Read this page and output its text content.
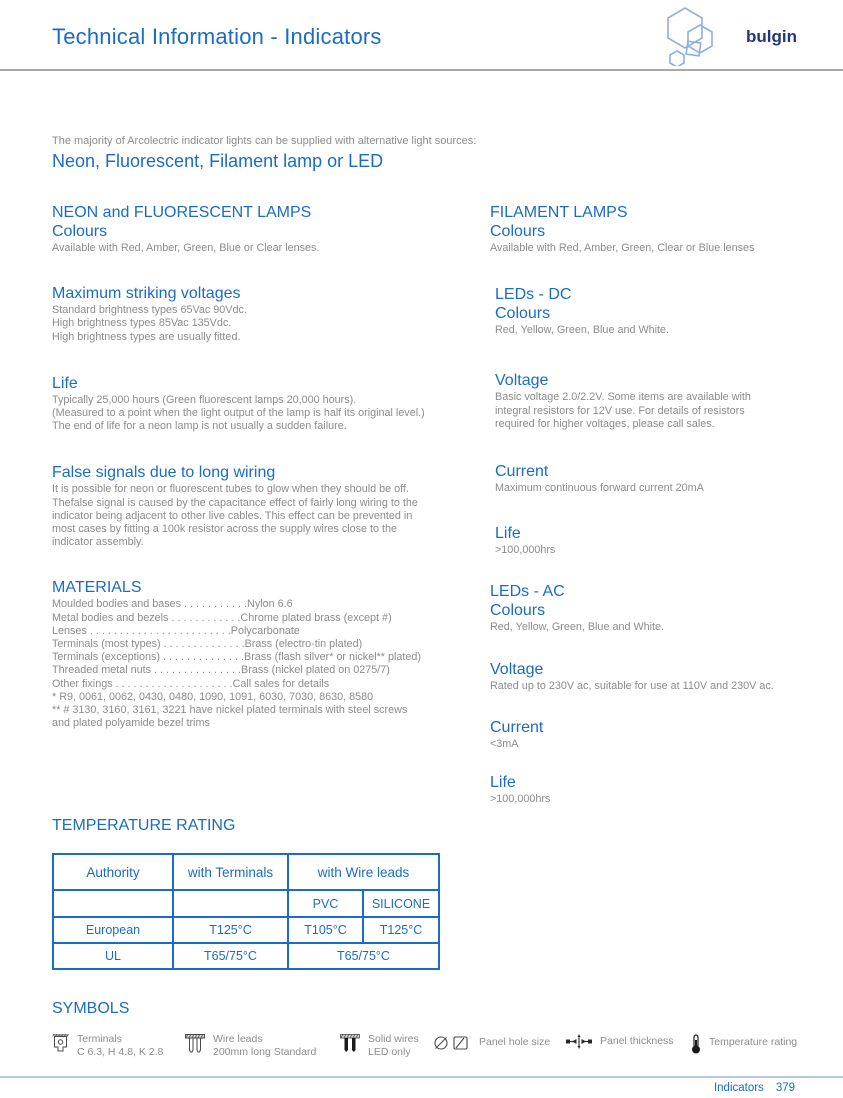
Technical Information - Indicators	bulgin
The majority of Arcolectric indicator lights can be supplied with alternative light sources:
Neon, Fluorescent, Filament lamp or LED
NEON and FLUORESCENT LAMPS
Colours
Available with Red, Amber, Green, Blue or Clear lenses.
Maximum striking voltages
Standard brightness types 65Vac 90Vdc.
High brightness types 85Vac 135Vdc.
High brightness types are usually fitted.
Life
Typically 25,000 hours (Green fluorescent lamps 20,000 hours).
(Measured to a point when the light output of the lamp is half its original level.)
The end of life for a neon lamp is not usually a sudden failure.
False signals due to long wiring
It is possible for neon or fluorescent tubes to glow when they should be off.
Thefalse signal is caused by the capacitance effect of fairly long wiring to the
indicator being adjacent to other live cables. This effect can be prevented in
most cases by fitting a 100k resistor across the supply wires close to the
indicator assembly.
MATERIALS
Moulded bodies and bases . . . . . . . . . . .Nylon 6.6
Metal bodies and bezels . . . . . . . . . . . .Chrome plated brass (except #)
Lenses . . . . . . . . . . . . . . . . . . . . . . . .Polycarbonate
Terminals (most types) . . . . . . . . . . . . . .Brass (electro-tin plated)
Terminals (exceptions) . . . . . . . . . . . . . .Brass (flash silver* or nickel** plated)
Threaded metal nuts . . . . . . . . . . . . . . .Brass (nickel plated on 0275/7)
Other fixings . . . . . . . . . . . . . . . . . . . .Call sales for details
* R9, 0061, 0062, 0430, 0480, 1090, 1091, 6030, 7030, 8630, 8580
** # 3130, 3160, 3161, 3221 have nickel plated terminals with steel screws
and plated polyamide bezel trims
TEMPERATURE RATING
Authority	with Terminals	with Wire leads	
		PVC	SILICONE
European	T125°C	T105°C	T125°C
UL	T65/75°C	T65/75°C	
FILAMENT LAMPS
Colours
Available with Red, Amber, Green, Clear or Blue lenses
LEDs - DC
Colours
Red, Yellow, Green, Blue and White.
Voltage
Basic voltage 2.0/2.2V. Some items are available with
integral resistors for 12V use. For details of resistors
required for higher voltages, please call sales.
Current
Maximum continuous forward current 20mA
Life
>100,000hrs
LEDs - AC
Colours
Red, Yellow, Green, Blue and White.
Voltage
Rated up to 230V ac, suitable for use at 110V and 230V ac.
Current
<3mA
Life
>100,000hrs
SYMBOLS
Terminals
C 6.3, H 4.8, K 2.8
Wire leads
200mm long Standard
Solid wires
LED only
Panel hole size	Panel thickness	Temperature rating
Indicators 379
